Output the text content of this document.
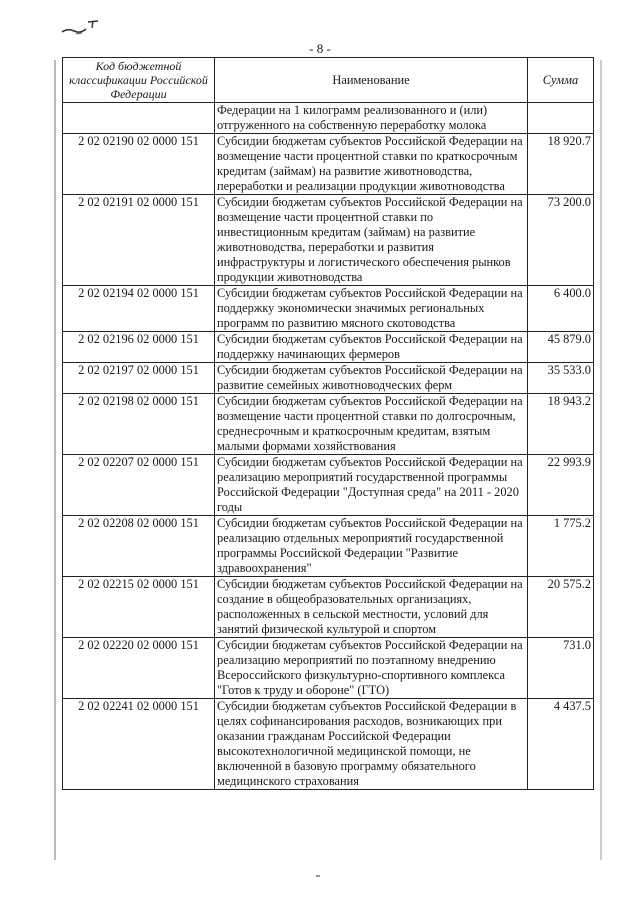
- 8 -
Код бюджетной классификации Российской Федерации	Наименование	Сумма
	Федерации на 1 килограмм реализованного и (или) отгруженного на собственную переработку молока	
2 02 02190 02 0000 151	Субсидии бюджетам субъектов Российской Федерации на возмещение части процентной ставки по краткосрочным кредитам (займам) на развитие животноводства, переработки и реализации продукции животноводства	18 920.7
2 02 02191 02 0000 151	Субсидии бюджетам субъектов Российской Федерации на возмещение части процентной ставки по инвестиционным кредитам (займам) на развитие животноводства, переработки и развития инфраструктуры и логистического обеспечения рынков продукции животноводства	73 200.0
2 02 02194 02 0000 151	Субсидии бюджетам субъектов Российской Федерации на поддержку экономически значимых региональных программ по развитию мясного скотоводства	6 400.0
2 02 02196 02 0000 151	Субсидии бюджетам субъектов Российской Федерации на поддержку начинающих фермеров	45 879.0
2 02 02197 02 0000 151	Субсидии бюджетам субъектов Российской Федерации на развитие семейных животноводческих ферм	35 533.0
2 02 02198 02 0000 151	Субсидии бюджетам субъектов Российской Федерации на возмещение части процентной ставки по долгосрочным, среднесрочным и краткосрочным кредитам, взятым малыми формами хозяйствования	18 943.2
2 02 02207 02 0000 151	Субсидии бюджетам субъектов Российской Федерации на реализацию мероприятий государственной программы Российской Федерации "Доступная среда" на 2011 - 2020 годы	22 993.9
2 02 02208 02 0000 151	Субсидии бюджетам субъектов Российской Федерации на реализацию отдельных мероприятий государственной программы Российской Федерации "Развитие здравоохранения"	1 775.2
2 02 02215 02 0000 151	Субсидии бюджетам субъектов Российской Федерации на создание в общеобразовательных организациях, расположенных в сельской местности, условий для занятий физической культурой и спортом	20 575.2
2 02 02220 02 0000 151	Субсидии бюджетам субъектов Российской Федерации на реализацию мероприятий по поэтапному внедрению Всероссийского физкультурно-спортивного комплекса "Готов к труду и обороне" (ГТО)	731.0
2 02 02241 02 0000 151	Субсидии бюджетам субъектов Российской Федерации в целях софинансирования расходов, возникающих при оказании гражданам Российской Федерации высокотехнологичной медицинской помощи, не включенной в базовую программу обязательного медицинского страхования	4 437.5
